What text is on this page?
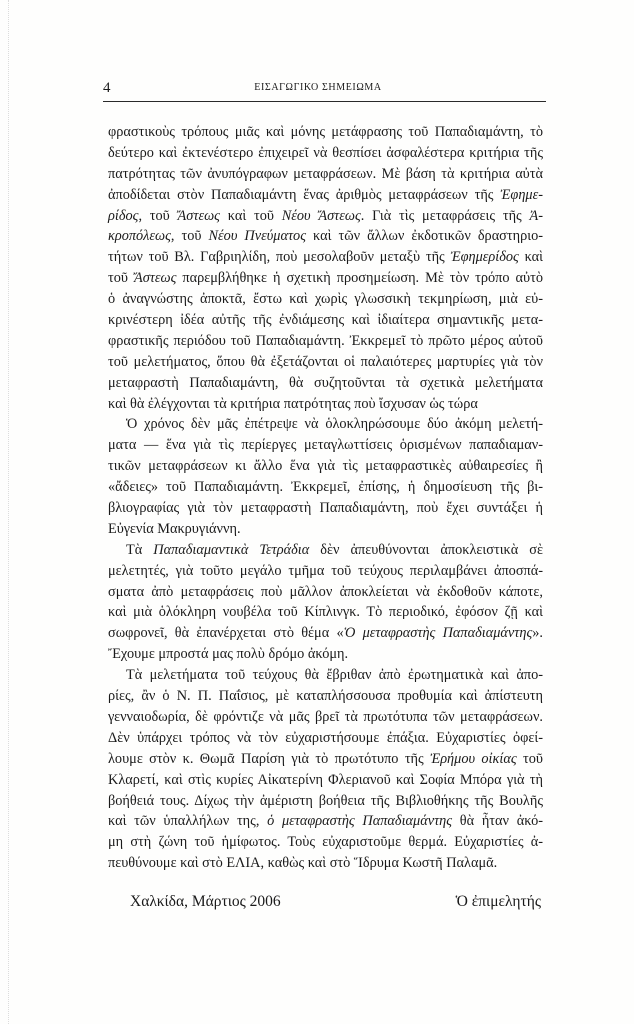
4	ΕΙΣΑΓΩΓΙΚΟ ΣΗΜΕΙΩΜΑ
φραστικοὺς τρόπους μιᾶς καὶ μόνης μετάφρασης τοῦ Παπαδιαμάντη, τὸ
δεύτερο καὶ ἐκτενέστερο ἐπιχειρεῖ νὰ θεσπίσει ἀσφαλέστερα κριτήρια τῆς
πατρότητας τῶν ἀνυπόγραφων μεταφράσεων. Μὲ βάση τὰ κριτήρια αὐτὰ
ἀποδίδεται στὸν Παπαδιαμάντη ἕνας ἀριθμὸς μεταφράσεων τῆς Ἐφημε-
ρίδος, τοῦ Ἄστεως καὶ τοῦ Νέου Ἄστεως. Γιὰ τὶς μεταφράσεις τῆς Ἀ-
κροπόλεως, τοῦ Νέου Πνεύματος καὶ τῶν ἄλλων ἐκδοτικῶν δραστηριο-
τήτων τοῦ Βλ. Γαβριηλίδη, ποὺ μεσολαβοῦν μεταξὺ τῆς Ἐφημερίδος καὶ
τοῦ Ἄστεως παρεμβλήθηκε ἡ σχετικὴ προσημείωση. Μὲ τὸν τρόπο αὐτὸ
ὁ ἀναγνώστης ἀποκτᾶ, ἔστω καὶ χωρὶς γλωσσικὴ τεκμηρίωση, μιὰ εὐ-
κρινέστερη ἰδέα αὐτῆς τῆς ἐνδιάμεσης καὶ ἰδιαίτερα σημαντικῆς μετα-
φραστικῆς περιόδου τοῦ Παπαδιαμάντη. Ἐκκρεμεῖ τὸ πρῶτο μέρος αὐτοῦ
τοῦ μελετήματος, ὅπου θὰ ἐξετάζονται οἱ παλαιότερες μαρτυρίες γιὰ τὸν
μεταφραστὴ Παπαδιαμάντη, θὰ συζητοῦνται τὰ σχετικὰ μελετήματα
καὶ θὰ ἐλέγχονται τὰ κριτήρια πατρότητας ποὺ ἴσχυσαν ὡς τώρα
Ὁ χρόνος δὲν μᾶς ἐπέτρεψε νὰ ὁλοκληρώσουμε δύο ἀκόμη μελετή-
ματα — ἕνα γιὰ τὶς περίεργες μεταγλωττίσεις ὁρισμένων παπαδιαμαν-
τικῶν μεταφράσεων κι ἄλλο ἕνα γιὰ τὶς μεταφραστικὲς αὐθαιρεσίες ἢ
«ἄδειες» τοῦ Παπαδιαμάντη. Ἐκκρεμεῖ, ἐπίσης, ἡ δημοσίευση τῆς βι-
βλιογραφίας γιὰ τὸν μεταφραστὴ Παπαδιαμάντη, ποὺ ἔχει συντάξει ἡ
Εὐγενία Μακρυγιάννη.
Τὰ Παπαδιαμαντικὰ Τετράδια δὲν ἀπευθύνονται ἀποκλειστικὰ σὲ
μελετητές, γιὰ τοῦτο μεγάλο τμῆμα τοῦ τεύχους περιλαμβάνει ἀποσπά-
σματα ἀπὸ μεταφράσεις ποὺ μᾶλλον ἀποκλείεται νὰ ἐκδοθοῦν κάποτε,
καὶ μιὰ ὁλόκληρη νουβέλα τοῦ Κίπλινγκ. Τὸ περιοδικό, ἐφόσον ζῇ καὶ
σωφρονεῖ, θὰ ἐπανέρχεται στὸ θέμα «Ὁ μεταφραστὴς Παπαδιαμάντης».
Ἔχουμε μπροστά μας πολὺ δρόμο ἀκόμη.
Τὰ μελετήματα τοῦ τεύχους θὰ ἔβριθαν ἀπὸ ἐρωτηματικὰ καὶ ἀπο-
ρίες, ἂν ὁ Ν. Π. Παΐσιος, μὲ καταπλήσσουσα προθυμία καὶ ἀπίστευτη
γενναιοδωρία, δὲ φρόντιζε νὰ μᾶς βρεῖ τὰ πρωτότυπα τῶν μεταφράσεων.
Δὲν ὑπάρχει τρόπος νὰ τὸν εὐχαριστήσουμε ἐπάξια. Εὐχαριστίες ὀφεί-
λουμε στὸν κ. Θωμᾶ Παρίση γιὰ τὸ πρωτότυπο τῆς Ἐρήμου οἰκίας τοῦ
Κλαρετί, καὶ στὶς κυρίες Αἰκατερίνη Φλεριανοῦ καὶ Σοφία Μπόρα γιὰ τὴ
βοήθειά τους. Δίχως τὴν ἀμέριστη βοήθεια τῆς Βιβλιοθήκης τῆς Βουλῆς
καὶ τῶν ὑπαλλήλων της, ὁ μεταφραστὴς Παπαδιαμάντης θὰ ἦταν ἀκό-
μη στὴ ζώνη τοῦ ἡμίφωτος. Τοὺς εὐχαριστοῦμε θερμά. Εὐχαριστίες ἀ-
πευθύνουμε καὶ στὸ ΕΛΙΑ, καθὼς καὶ στὸ Ἵδρυμα Κωστῆ Παλαμᾶ.
Χαλκίδα, Μάρτιος 2006	Ὁ ἐπιμελητής
